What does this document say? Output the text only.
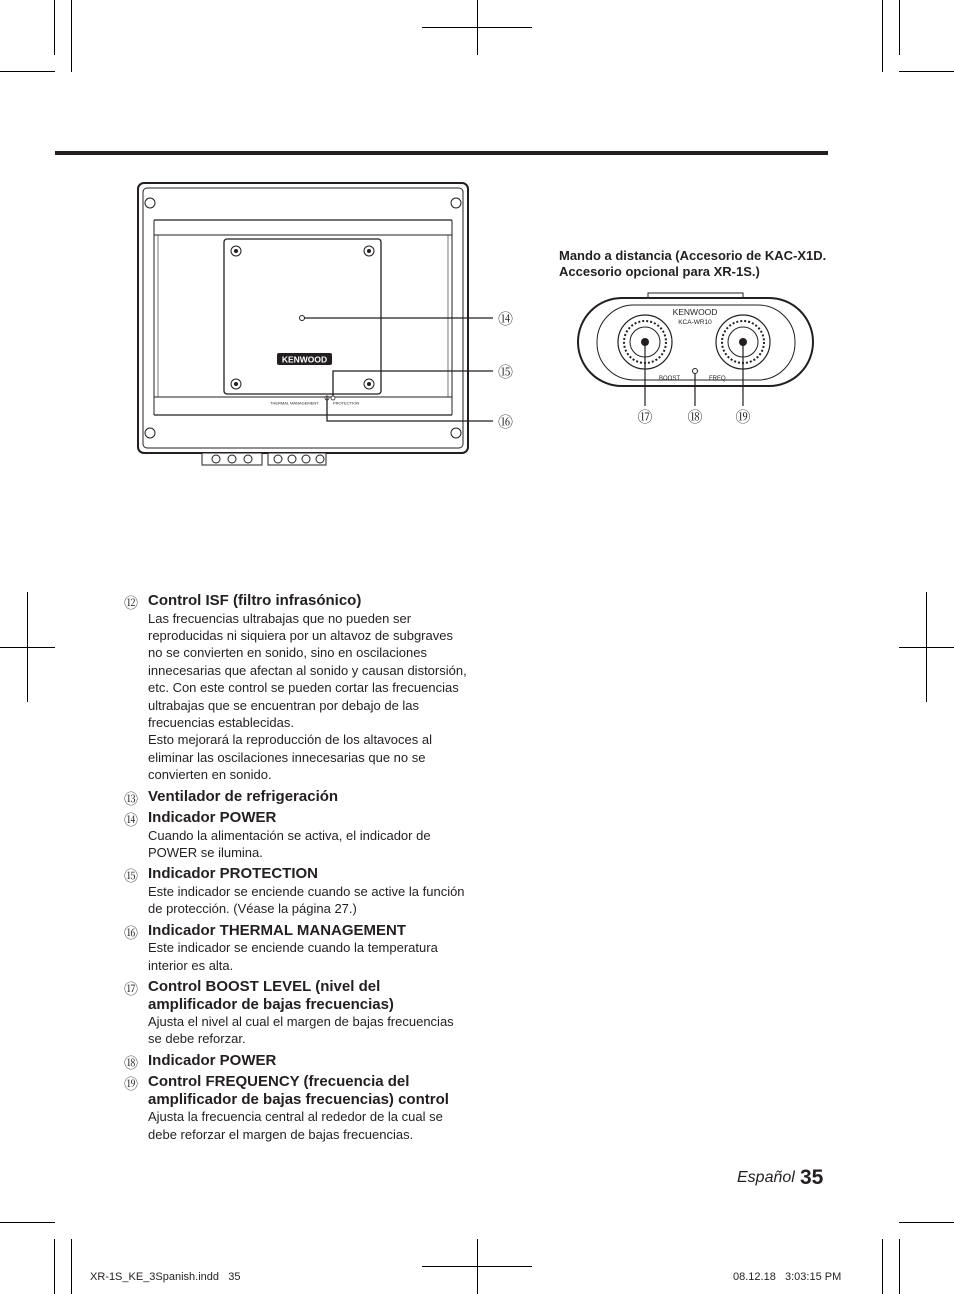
KENWOOD
THERMAL MANAGEMENT	PROTECTION
⑭
⑮
⑯
Mando a distancia (Accesorio de KAC-X1D. Accesorio opcional para XR-1S.)
KENWOOD
KCA-WR10
BOOST	FREQ
⑰ ⑱ ⑲
⑫ Control ISF (filtro infrasónico)
Las frecuencias ultrabajas que no pueden ser reproducidas ni siquiera por un altavoz de subgraves no se convierten en sonido, sino en oscilaciones innecesarias que afectan al sonido y causan distorsión, etc. Con este control se pueden cortar las frecuencias ultrabajas que se encuentran por debajo de las frecuencias establecidas.
Esto mejorará la reproducción de los altavoces al eliminar las oscilaciones innecesarias que no se convierten en sonido.
⑬ Ventilador de refrigeración
⑭ Indicador POWER
Cuando la alimentación se activa, el indicador de POWER se ilumina.
⑮ Indicador PROTECTION
Este indicador se enciende cuando se active la función de protección. (Véase la página 27.)
⑯ Indicador THERMAL MANAGEMENT
Este indicador se enciende cuando la temperatura interior es alta.
⑰ Control BOOST LEVEL (nivel del amplificador de bajas frecuencias)
Ajusta el nivel al cual el margen de bajas frecuencias se debe reforzar.
⑱ Indicador POWER
⑲ Control FREQUENCY (frecuencia del amplificador de bajas frecuencias) control
Ajusta la frecuencia central al rededor de la cual se debe reforzar el margen de bajas frecuencias.
Español 35
XR-1S_KE_3Spanish.indd   35	08.12.18   3:03:15 PM
